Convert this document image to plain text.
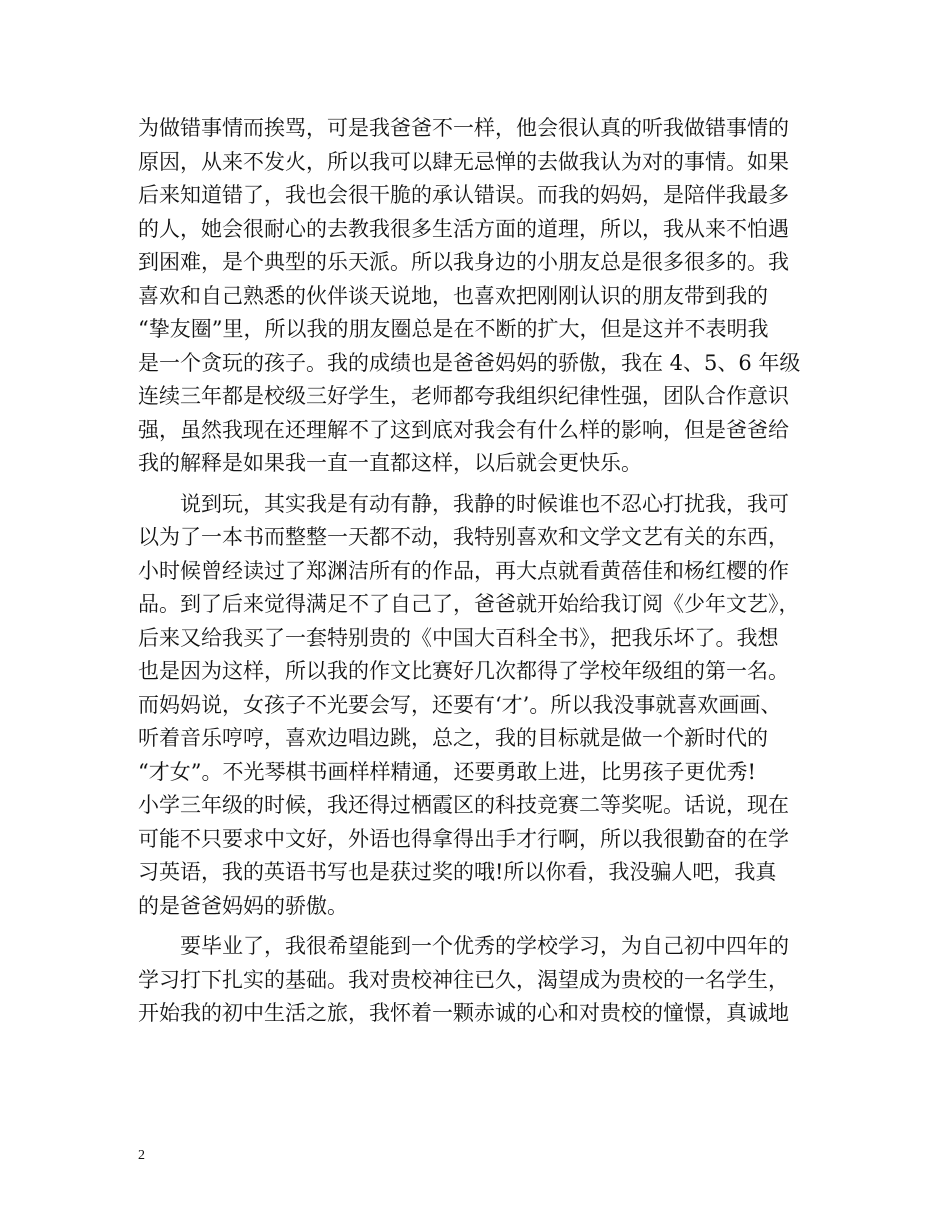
为做错事情而挨骂，可是我爸爸不一样，他会很认真的听我做错事情的
原因，从来不发火，所以我可以肆无忌惮的去做我认为对的事情。如果
后来知道错了，我也会很干脆的承认错误。而我的妈妈，是陪伴我最多
的人，她会很耐心的去教我很多生活方面的道理，所以，我从来不怕遇
到困难，是个典型的乐天派。所以我身边的小朋友总是很多很多的。我
喜欢和自己熟悉的伙伴谈天说地，也喜欢把刚刚认识的朋友带到我的
“挚友圈”里，所以我的朋友圈总是在不断的扩大，但是这并不表明我
是一个贪玩的孩子。我的成绩也是爸爸妈妈的骄傲，我在 4、5、6 年级
连续三年都是校级三好学生，老师都夸我组织纪律性强，团队合作意识
强，虽然我现在还理解不了这到底对我会有什么样的影响，但是爸爸给
我的解释是如果我一直一直都这样，以后就会更快乐。
　　说到玩，其实我是有动有静，我静的时候谁也不忍心打扰我，我可
以为了一本书而整整一天都不动，我特别喜欢和文学文艺有关的东西，
小时候曾经读过了郑渊洁所有的作品，再大点就看黄蓓佳和杨红樱的作
品。到了后来觉得满足不了自己了，爸爸就开始给我订阅《少年文艺》，
后来又给我买了一套特别贵的《中国大百科全书》，把我乐坏了。我想
也是因为这样，所以我的作文比赛好几次都得了学校年级组的第一名。
而妈妈说，女孩子不光要会写，还要有‘才’。所以我没事就喜欢画画、
听着音乐哼哼，喜欢边唱边跳，总之，我的目标就是做一个新时代的
“才女”。不光琴棋书画样样精通，还要勇敢上进，比男孩子更优秀!
小学三年级的时候，我还得过栖霞区的科技竞赛二等奖呢。话说，现在
可能不只要求中文好，外语也得拿得出手才行啊，所以我很勤奋的在学
习英语，我的英语书写也是获过奖的哦!所以你看，我没骗人吧，我真
的是爸爸妈妈的骄傲。
　　要毕业了，我很希望能到一个优秀的学校学习，为自己初中四年的
学习打下扎实的基础。我对贵校神往已久，渴望成为贵校的一名学生，
开始我的初中生活之旅，我怀着一颗赤诚的心和对贵校的憧憬，真诚地
2
